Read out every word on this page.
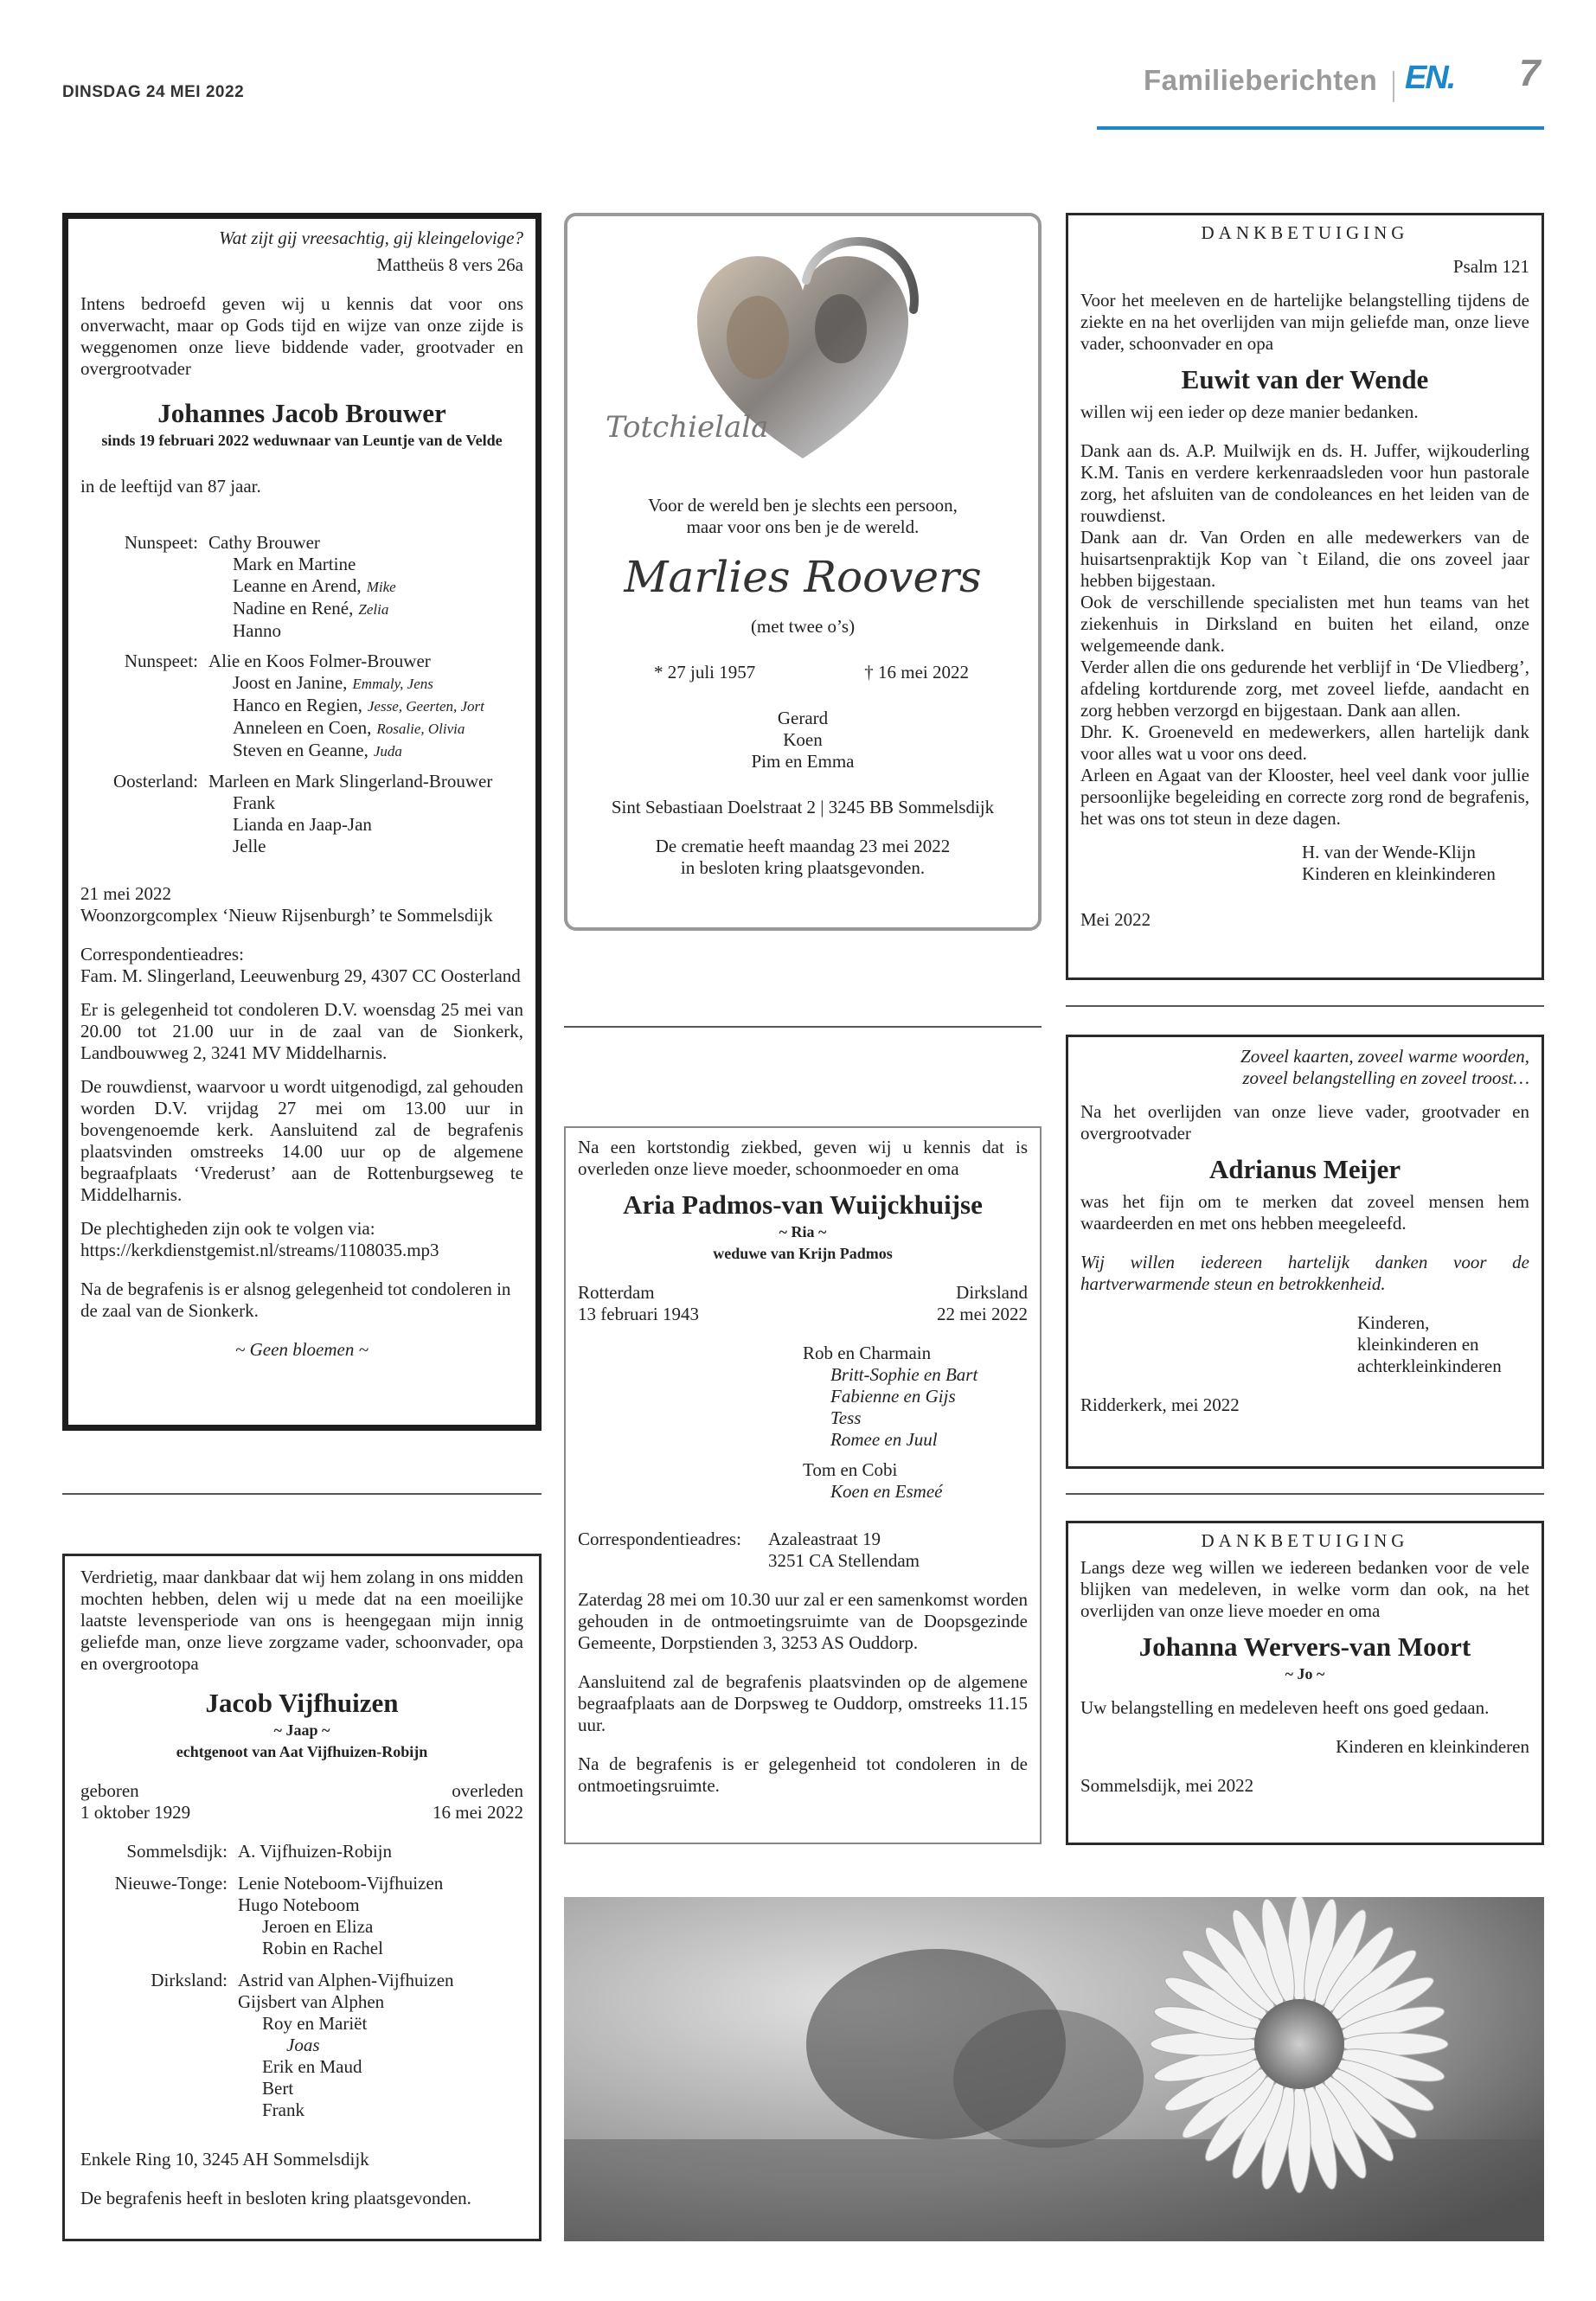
DINSDAG 24 MEI 2022	Familieberichten EN. 7

Wat zijt gij vreesachtig, gij kleingelovige?

Mattheüs 8 vers 26a

Intens bedroefd geven wij u kennis dat voor ons onverwacht, maar op Gods tijd en wijze van onze zijde is weggenomen onze lieve biddende vader, grootvader en overgrootvader

Johannes Jacob Brouwer

sinds 19 februari 2022 weduwnaar van Leuntje van de Velde

in de leeftijd van 87 jaar.

Nunspeet: Cathy Brouwer
Mark en Martine
Leanne en Arend, Mike
Nadine en René, Zelia
Hanno
Nunspeet: Alie en Koos Folmer-Brouwer
Joost en Janine, Emmaly, Jens
Hanco en Regien, Jesse, Geerten, Jort
Anneleen en Coen, Rosalie, Olivia
Steven en Geanne, Juda
Oosterland: Marleen en Mark Slingerland-Brouwer
Frank
Lianda en Jaap-Jan
Jelle

21 mei 2022

Woonzorgcomplex ‘Nieuw Rijsenburgh’ te Sommelsdijk

Correspondentieadres:

Fam. M. Slingerland, Leeuwenburg 29, 4307 CC Oosterland

Er is gelegenheid tot condoleren D.V. woensdag 25 mei van 20.00 tot 21.00 uur in de zaal van de Sionkerk, Landbouwweg 2, 3241 MV Middelharnis.

De rouwdienst, waarvoor u wordt uitgenodigd, zal gehouden worden D.V. vrijdag 27 mei om 13.00 uur in bovengenoemde kerk. Aansluitend zal de begrafenis plaatsvinden omstreeks 14.00 uur op de algemene begraafplaats ‘Vrederust’ aan de Rottenburgseweg te Middelharnis.

De plechtigheden zijn ook te volgen via:

https://kerkdienstgemist.nl/streams/1108035.mp3

Na de begrafenis is er alsnog gelegenheid tot condoleren in de zaal van de Sionkerk.

~ Geen bloemen ~

Verdrietig, maar dankbaar dat wij hem zolang in ons midden mochten hebben, delen wij u mede dat na een moeilijke laatste levensperiode van ons is heengegaan mijn innig geliefde man, onze lieve zorgzame vader, schoonvader, opa en overgrootopa

Jacob Vijfhuizen

~ Jaap ~

echtgenoot van Aat Vijfhuizen-Robijn

geboren

1 oktober 1929

overleden

16 mei 2022

Sommelsdijk: A. Vijfhuizen-Robijn
Nieuwe-Tonge: Lenie Noteboom-Vijfhuizen
Hugo Noteboom
Jeroen en Eliza
Robin en Rachel
Dirksland: Astrid van Alphen-Vijfhuizen
Gijsbert van Alphen
Roy en Mariët
Joas
Erik en Maud
Bert
Frank

Enkele Ring 10, 3245 AH Sommelsdijk

De begrafenis heeft in besloten kring plaatsgevonden.

Totchielala

Voor de wereld ben je slechts een persoon,

maar voor ons ben je de wereld.

Marlies Roovers

(met twee o’s)

* 27 juli 1957	† 16 mei 2022

Gerard

Koen

Pim en Emma

Sint Sebastiaan Doelstraat 2 | 3245 BB Sommelsdijk

De crematie heeft maandag 23 mei 2022

in besloten kring plaatsgevonden.

Na een kortstondig ziekbed, geven wij u kennis dat is overleden onze lieve moeder, schoonmoeder en oma

Aria Padmos-van Wuijckhuijse

~ Ria ~

weduwe van Krijn Padmos

Rotterdam

13 februari 1943

Dirksland

22 mei 2022

Rob en Charmain

Britt-Sophie en Bart

Fabienne en Gijs

Tess

Romee en Juul

Tom en Cobi

Koen en Esmeé

Correspondentieadres:	Azaleastraat 19

3251 CA Stellendam

Zaterdag 28 mei om 10.30 uur zal er een samenkomst worden gehouden in de ontmoetingsruimte van de Doopsgezinde Gemeente, Dorpstienden 3, 3253 AS Ouddorp.

Aansluitend zal de begrafenis plaatsvinden op de algemene begraafplaats aan de Dorpsweg te Ouddorp, omstreeks 11.15 uur.

Na de begrafenis is er gelegenheid tot condoleren in de ontmoetingsruimte.

DANKBETUIGING

Psalm 121

Voor het meeleven en de hartelijke belangstelling tijdens de ziekte en na het overlijden van mijn geliefde man, onze lieve vader, schoonvader en opa

Euwit van der Wende

willen wij een ieder op deze manier bedanken.

Dank aan ds. A.P. Muilwijk en ds. H. Juffer, wijkouderling K.M. Tanis en verdere kerkenraadsleden voor hun pastorale zorg, het afsluiten van de condoleances en het leiden van de rouwdienst.

Dank aan dr. Van Orden en alle medewerkers van de huisartsenpraktijk Kop van `t Eiland, die ons zoveel jaar hebben bijgestaan.

Ook de verschillende specialisten met hun teams van het ziekenhuis in Dirksland en buiten het eiland, onze welgemeende dank.

Verder allen die ons gedurende het verblijf in ‘De Vliedberg’, afdeling kortdurende zorg, met zoveel liefde, aandacht en zorg hebben verzorgd en bijgestaan. Dank aan allen.

Dhr. K. Groeneveld en medewerkers, allen hartelijk dank voor alles wat u voor ons deed.

Arleen en Agaat van der Klooster, heel veel dank voor jullie persoonlijke begeleiding en correcte zorg rond de begrafenis, het was ons tot steun in deze dagen.

H. van der Wende-Klijn

Kinderen en kleinkinderen

Mei 2022

Zoveel kaarten, zoveel warme woorden,

zoveel belangstelling en zoveel troost…

Na het overlijden van onze lieve vader, grootvader en overgrootvader

Adrianus Meijer

was het fijn om te merken dat zoveel mensen hem waardeerden en met ons hebben meegeleefd.

Wij willen iedereen hartelijk danken voor de hartverwarmende steun en betrokkenheid.

Kinderen,

kleinkinderen en

achterkleinkinderen

Ridderkerk, mei 2022

DANKBETUIGING

Langs deze weg willen we iedereen bedanken voor de vele blijken van medeleven, in welke vorm dan ook, na het overlijden van onze lieve moeder en oma

Johanna Wervers-van Moort

~ Jo ~

Uw belangstelling en medeleven heeft ons goed gedaan.

Kinderen en kleinkinderen

Sommelsdijk, mei 2022
